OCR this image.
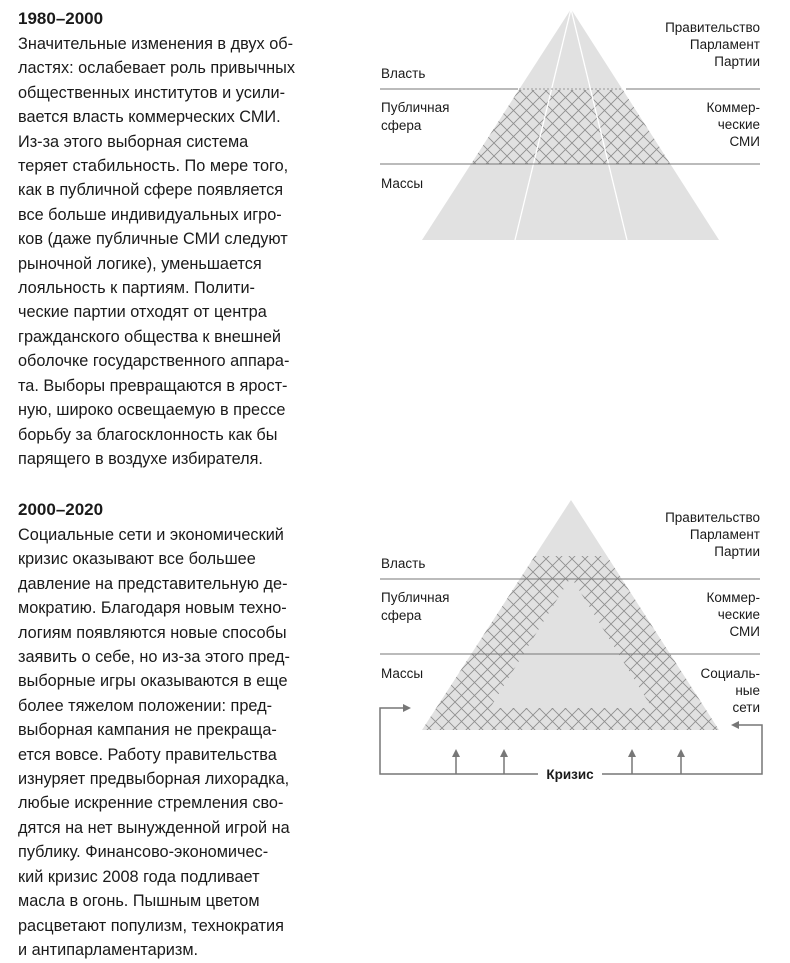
1980–2000
Значительные изменения в двух об-
ластях: ослабевает роль привычных
общественных институтов и усили-
вается власть коммерческих СМИ.
Из-за этого выборная система
теряет стабильность. По мере того,
как в публичной сфере появляется
все больше индивидуальных игро-
ков (даже публичные СМИ следуют
рыночной логике), уменьшается
лояльность к партиям. Полити-
ческие партии отходят от центра
гражданского общества к внешней
оболочке государственного аппара-
та. Выборы превращаются в ярост-
ную, широко освещаемую в прессе
борьбу за благосклонность как бы
парящего в воздухе избирателя.
2000–2020
Социальные сети и экономический
кризис оказывают все большее
давление на представительную де-
мократию. Благодаря новым техно-
логиям появляются новые способы
заявить о себе, но из-за этого пред-
выборные игры оказываются в еще
более тяжелом положении: пред-
выборная кампания не прекраща-
ется вовсе. Работу правительства
изнуряет предвыборная лихорадка,
любые искренние стремления сво-
дятся на нет вынужденной игрой на
публику. Финансово-экономичес-
кий кризис 2008 года подливает
масла в огонь. Пышным цветом
расцветают популизм, технократия
и антипарламентаризм.
Власть
Публичная
сфера
Массы
Правительство
Парламент
Партии
Коммер-
ческие
СМИ
Власть
Публичная
сфера
Массы
Правительство
Парламент
Партии
Коммер-
ческие
СМИ
Социаль-
ные
сети
Кризис
